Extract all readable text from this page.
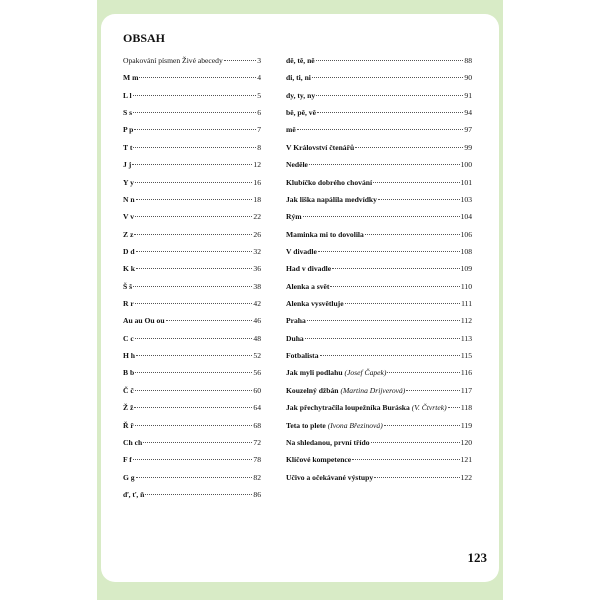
OBSAH
Opakování písmen Živé abecedy	3
M m	4
L l	5
S s	6
P p	7
T t	8
J j	12
Y y	16
N n	18
V v	22
Z z	26
D d	32
K k	36
Š š	38
R r	42
Au au Ou ou	46
C c	48
H h	52
B b	56
Č č	60
Ž ž	64
Ř ř	68
Ch ch	72
F f	78
G g	82
ď, ť, ň	86
dě, tě, ně	88
di, ti, ni	90
dy, ty, ny	91
bě, pě, vě	94
mě	97
V Království čtenářů	99
Neděle	100
Klubíčko dobrého chování	101
Jak liška napálila medvídky	103
Rým	104
Maminka mi to dovolila	106
V divadle	108
Had v divadle	109
Alenka a svět	110
Alenka vysvětluje	111
Praha	112
Duha	113
Fotbalista	115
Jak myli podlahu (Josef Čapek)	116
Kouzelný džbán (Martina Drijverová)	117
Jak přechytračila loupežníka Buráska (V. Čtvrtek) 118
Teta to plete (Ivona Březinová)	119
Na shledanou, první třído	120
Klíčové kompetence	121
Učivo a očekávané výstupy	122
123
